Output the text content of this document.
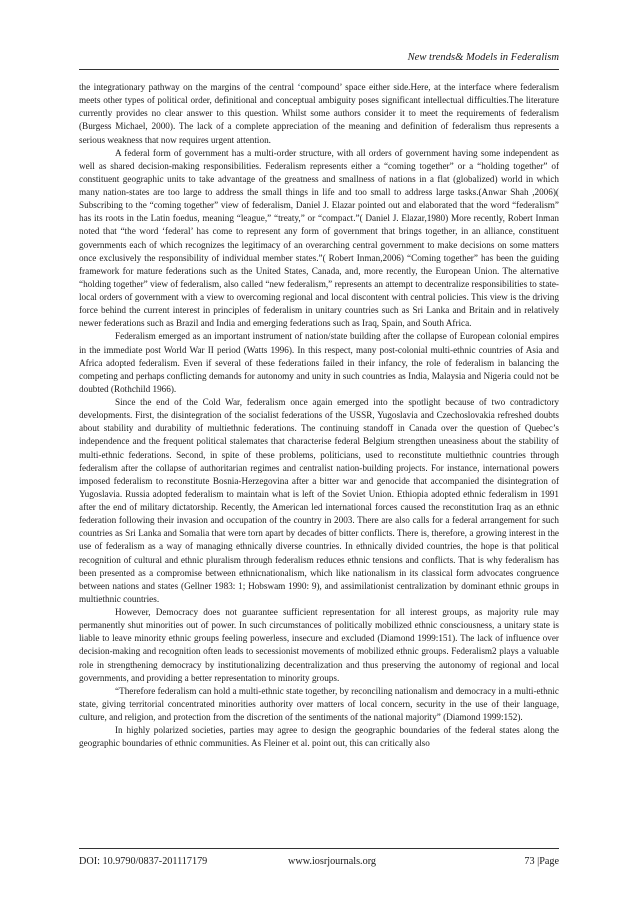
New trends& Models in Federalism

the integrationary pathway on the margins of the central ‘compound’ space either side.Here, at the interface where federalism meets other types of political order, definitional and conceptual ambiguity poses significant intellectual difficulties.The literature currently provides no clear answer to this question. Whilst some authors consider it to meet the requirements of federalism (Burgess Michael, 2000). The lack of a complete appreciation of the meaning and definition of federalism thus represents a serious weakness that now requires urgent attention.

A federal form of government has a multi-order structure, with all orders of government having some independent as well as shared decision-making responsibilities. Federalism represents either a “coming together” or a “holding together” of constituent geographic units to take advantage of the greatness and smallness of nations in a flat (globalized) world in which many nation-states are too large to address the small things in life and too small to address large tasks.(Anwar Shah ,2006)( Subscribing to the “coming together” view of federalism, Daniel J. Elazar pointed out and elaborated that the word “federalism” has its roots in the Latin foedus, meaning “league,” “treaty,” or “compact.”( Daniel J. Elazar,1980) More recently, Robert Inman noted that “the word ‘federal’ has come to represent any form of government that brings together, in an alliance, constituent governments each of which recognizes the legitimacy of an overarching central government to make decisions on some matters once exclusively the responsibility of individual member states.”( Robert Inman,2006) “Coming together” has been the guiding framework for mature federations such as the United States, Canada, and, more recently, the European Union. The alternative “holding together” view of federalism, also called “new federalism,” represents an attempt to decentralize responsibilities to state-local orders of government with a view to overcoming regional and local discontent with central policies. This view is the driving force behind the current interest in principles of federalism in unitary countries such as Sri Lanka and Britain and in relatively newer federations such as Brazil and India and emerging federations such as Iraq, Spain, and South Africa.

Federalism emerged as an important instrument of nation/state building after the collapse of European colonial empires in the immediate post World War II period (Watts 1996). In this respect, many post-colonial multi-ethnic countries of Asia and Africa adopted federalism. Even if several of these federations failed in their infancy, the role of federalism in balancing the competing and perhaps conflicting demands for autonomy and unity in such countries as India, Malaysia and Nigeria could not be doubted (Rothchild 1966).

Since the end of the Cold War, federalism once again emerged into the spotlight because of two contradictory developments. First, the disintegration of the socialist federations of the USSR, Yugoslavia and Czechoslovakia refreshed doubts about stability and durability of multiethnic federations. The continuing standoff in Canada over the question of Quebec’s independence and the frequent political stalemates that characterise federal Belgium strengthen uneasiness about the stability of multi-ethnic federations. Second, in spite of these problems, politicians, used to reconstitute multiethnic countries through federalism after the collapse of authoritarian regimes and centralist nation-building projects. For instance, international powers imposed federalism to reconstitute Bosnia-Herzegovina after a bitter war and genocide that accompanied the disintegration of Yugoslavia. Russia adopted federalism to maintain what is left of the Soviet Union. Ethiopia adopted ethnic federalism in 1991 after the end of military dictatorship. Recently, the American led international forces caused the reconstitution Iraq as an ethnic federation following their invasion and occupation of the country in 2003. There are also calls for a federal arrangement for such countries as Sri Lanka and Somalia that were torn apart by decades of bitter conflicts. There is, therefore, a growing interest in the use of federalism as a way of managing ethnically diverse countries. In ethnically divided countries, the hope is that political recognition of cultural and ethnic pluralism through federalism reduces ethnic tensions and conflicts. That is why federalism has been presented as a compromise between ethnicnationalism, which like nationalism in its classical form advocates congruence between nations and states (Gellner 1983: 1; Hobswam 1990: 9), and assimilationist centralization by dominant ethnic groups in multiethnic countries.

However, Democracy does not guarantee sufficient representation for all interest groups, as majority rule may permanently shut minorities out of power. In such circumstances of politically mobilized ethnic consciousness, a unitary state is liable to leave minority ethnic groups feeling powerless, insecure and excluded (Diamond 1999:151). The lack of influence over decision-making and recognition often leads to secessionist movements of mobilized ethnic groups. Federalism2 plays a valuable role in strengthening democracy by institutionalizing decentralization and thus preserving the autonomy of regional and local governments, and providing a better representation to minority groups.

“Therefore federalism can hold a multi-ethnic state together, by reconciling nationalism and democracy in a multi-ethnic state, giving territorial concentrated minorities authority over matters of local concern, security in the use of their language, culture, and religion, and protection from the discretion of the sentiments of the national majority” (Diamond 1999:152).

In highly polarized societies, parties may agree to design the geographic boundaries of the federal states along the geographic boundaries of ethnic communities. As Fleiner et al. point out, this can critically also

DOI: 10.9790/0837-201117179	www.iosrjournals.org	73 |Page
